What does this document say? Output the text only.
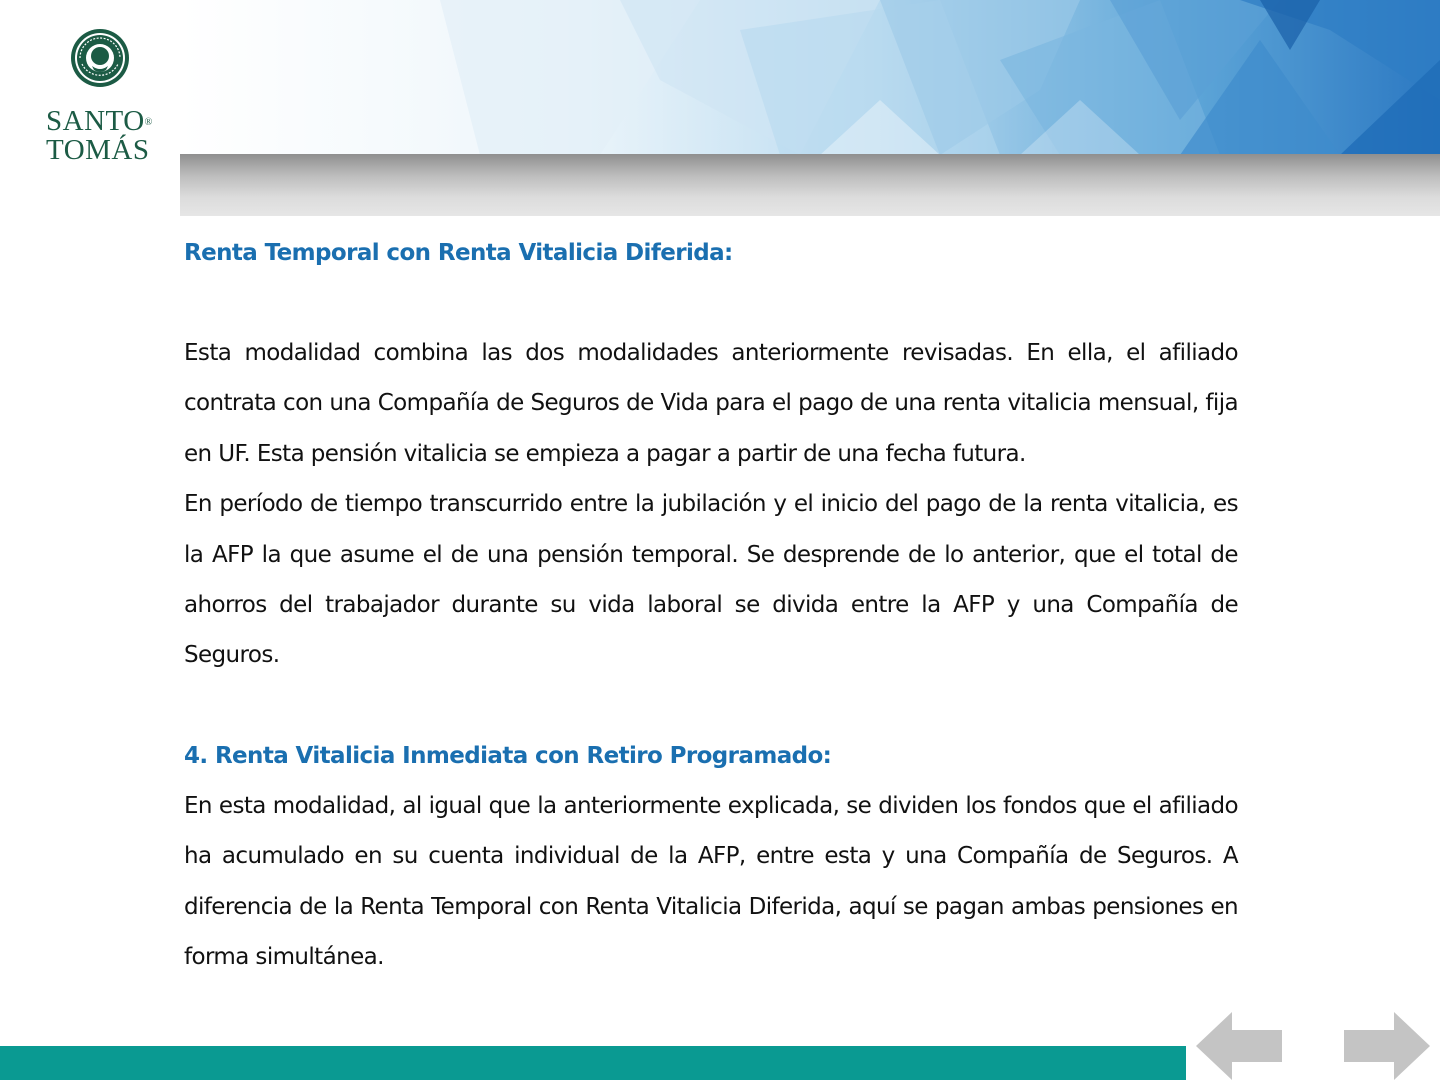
SANTO®
TOMÁS

Renta Temporal con Renta Vitalicia Diferida:

Esta modalidad combina las dos modalidades anteriormente revisadas. En ella, el afiliado contrata con una Compañía de Seguros de Vida para el pago de una renta vitalicia mensual, fija en UF. Esta pensión vitalicia se empieza a pagar a partir de una fecha futura.

En período de tiempo transcurrido entre la jubilación y el inicio del pago de la renta vitalicia, es la AFP la que asume el de una pensión temporal. Se desprende de lo anterior, que el total de ahorros del trabajador durante su vida laboral se divida entre la AFP y una Compañía de Seguros.

4. Renta Vitalicia Inmediata con Retiro Programado:

En esta modalidad, al igual que la anteriormente explicada, se dividen los fondos que el afiliado ha acumulado en su cuenta individual de la AFP, entre esta y una Compañía de Seguros. A diferencia de la Renta Temporal con Renta Vitalicia Diferida, aquí se pagan ambas pensiones en forma simultánea.
